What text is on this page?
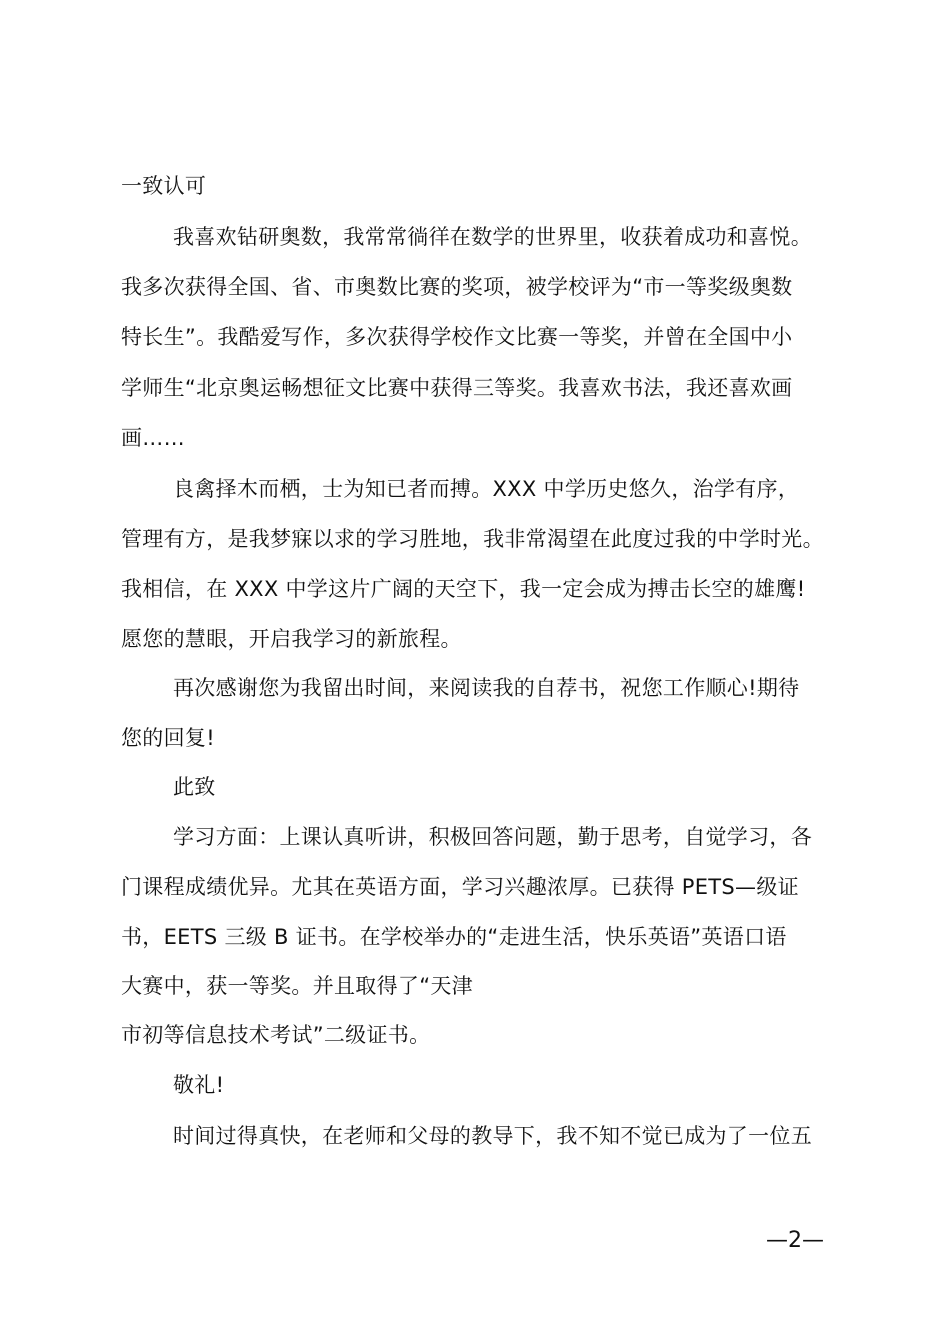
一致认可
我喜欢钻研奥数，我常常徜徉在数学的世界里，收获着成功和喜悦。
我多次获得全国、省、市奥数比赛的奖项，被学校评为“市一等奖级奥数
特长生”。我酷爱写作，多次获得学校作文比赛一等奖，并曾在全国中小
学师生“北京奥运畅想征文比赛中获得三等奖。我喜欢书法，我还喜欢画
画……
良禽择木而栖，士为知已者而搏。XXX 中学历史悠久，治学有序，
管理有方，是我梦寐以求的学习胜地，我非常渴望在此度过我的中学时光。
我相信，在 XXX 中学这片广阔的天空下，我一定会成为搏击长空的雄鹰!
愿您的慧眼，开启我学习的新旅程。
再次感谢您为我留出时间，来阅读我的自荐书，祝您工作顺心!期待
您的回复!
此致
学习方面：上课认真听讲，积极回答问题，勤于思考，自觉学习，各
门课程成绩优异。尤其在英语方面，学习兴趣浓厚。已获得 PETS—级证
书，EETS 三级 B 证书。在学校举办的“走进生活，快乐英语”英语口语
大赛中，获一等奖。并且取得了“天津
市初等信息技术考试”二级证书。
敬礼!
时间过得真快，在老师和父母的教导下，我不知不觉已成为了一位五
—2—
